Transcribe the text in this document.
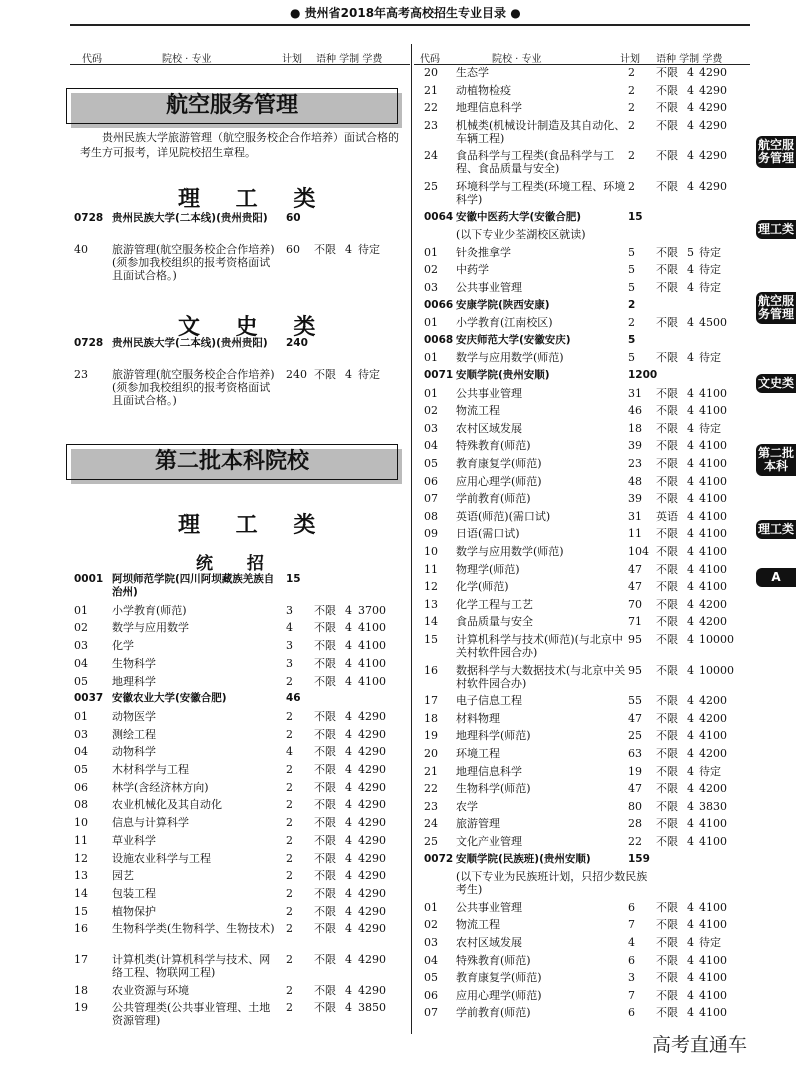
● 贵州省2018年高考高校招生专业目录 ●
代码	院校 · 专业	计划 语种 学制 学费	代码	院校 · 专业	计划 语种 学制 学费
航空服务管理
贵州民族大学旅游管理（航空服务校企合作培养）面试合格的考生方可报考，详见院校招生章程。
理 工 类
0728 贵州民族大学(二本线)(贵州贵阳)	60
40 旅游管理(航空服务校企合作培养)(须参加我校组织的报考资格面试且面试合格。)
60 不限 4 待定
文 史 类
0728 贵州民族大学(二本线)(贵州贵阳)	240
23 旅游管理(航空服务校企合作培养)(须参加我校组织的报考资格面试且面试合格。)
240 不限 4 待定
第二批本科院校
理 工 类
统 招
0001 阿坝师范学院(四川阿坝藏族羌族自治州)
15
01 小学教育(师范)	3 不限 4 3700
02 数学与应用数学	4 不限 4 4100
03 化学	3 不限 4 4100
04 生物科学	3 不限 4 4100
05 地理科学	2 不限 4 4100
0037 安徽农业大学(安徽合肥)	46
01 动物医学	2 不限 4 4290
03 测绘工程	2 不限 4 4290
04 动物科学	4 不限 4 4290
05 木材科学与工程	2 不限 4 4290
06 林学(含经济林方向)	2 不限 4 4290
08 农业机械化及其自动化	2 不限 4 4290
10 信息与计算科学	2 不限 4 4290
11 草业科学	2 不限 4 4290
12 设施农业科学与工程	2 不限 4 4290
13 园艺	2 不限 4 4290
14 包装工程	2 不限 4 4290
15 植物保护	2 不限 4 4290
16 生物科学类(生物科学、生物技术)	2 不限 4 4290
17 计算机类(计算机科学与技术、网络工程、物联网工程)
2 不限 4 4290
18 农业资源与环境	2 不限 4 4290
19 公共管理类(公共事业管理、土地资源管理)
2 不限 4 3850
20 生态学	2 不限 4 4290
21 动植物检疫	2 不限 4 4290
22 地理信息科学	2 不限 4 4290
23 机械类(机械设计制造及其自动化、车辆工程)
2 不限 4 4290
24 食品科学与工程类(食品科学与工程、食品质量与安全)
2 不限 4 4290
25 环境科学与工程类(环境工程、环境科学)
2 不限 4 4290
0064 安徽中医药大学(安徽合肥)	15
(以下专业少荃湖校区就读)
01 针灸推拿学	5 不限 5 待定
02 中药学	5 不限 4 待定
03 公共事业管理	5 不限 4 待定
0066 安康学院(陕西安康)	2
01 小学教育(江南校区)	2 不限 4 4500
0068 安庆师范大学(安徽安庆)	5
01 数学与应用数学(师范)	5 不限 4 待定
0071 安顺学院(贵州安顺)	1200
01 公共事业管理	31 不限 4 4100
02 物流工程	46 不限 4 4100
03 农村区域发展	18 不限 4 待定
04 特殊教育(师范)	39 不限 4 4100
05 教育康复学(师范)	23 不限 4 4100
06 应用心理学(师范)	48 不限 4 4100
07 学前教育(师范)	39 不限 4 4100
08 英语(师范)(需口试)	31 英语 4 4100
09 日语(需口试)	11 不限 4 4100
10 数学与应用数学(师范)	104 不限 4 4100
11 物理学(师范)	47 不限 4 4100
12 化学(师范)	47 不限 4 4100
13 化学工程与工艺	70 不限 4 4200
14 食品质量与安全	71 不限 4 4200
15 计算机科学与技术(师范)(与北京中关村软件园合办)
95 不限 4 10000
16 数据科学与大数据技术(与北京中关村软件园合办)
95 不限 4 10000
17 电子信息工程	55 不限 4 4200
18 材料物理	47 不限 4 4200
19 地理科学(师范)	25 不限 4 4100
20 环境工程	63 不限 4 4200
21 地理信息科学	19 不限 4 待定
22 生物科学(师范)	47 不限 4 4200
23 农学	80 不限 4 3830
24 旅游管理	28 不限 4 4100
25 文化产业管理	22 不限 4 4100
0072 安顺学院(民族班)(贵州安顺)	159
(以下专业为民族班计划，只招少数民族考生)
01 公共事业管理	6 不限 4 4100
02 物流工程	7 不限 4 4100
03 农村区域发展	4 不限 4 待定
04 特殊教育(师范)	6 不限 4 4100
05 教育康复学(师范)	3 不限 4 4100
06 应用心理学(师范)	7 不限 4 4100
07 学前教育(师范)	6 不限 4 4100
航空服务管理
理工类
航空服务管理
文史类
第二批本科
理工类
A
高考直通车
